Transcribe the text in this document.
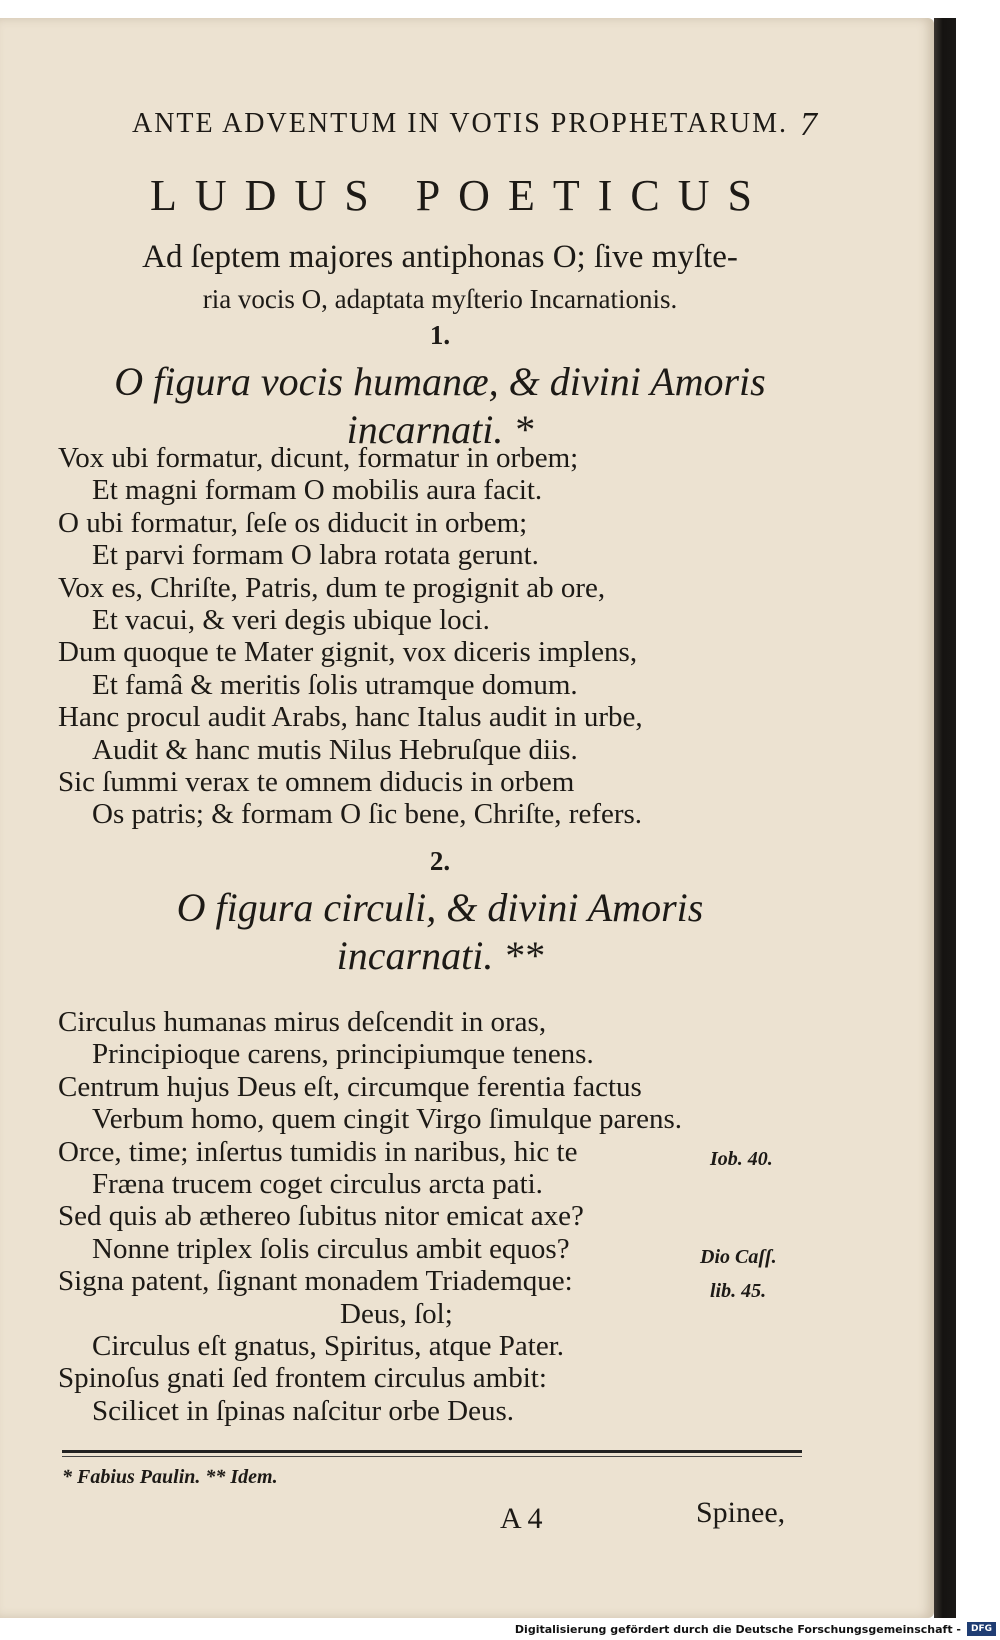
ANTE ADVENTUM IN VOTIS PROPHETARUM. 7

LUDUS POETICUS
Ad ſeptem majores antiphonas O; ſive myſte-
ria vocis O, adaptata myſterio Incarnationis.

1.

O figura vocis humanæ, & divini Amoris
incarnati. *
Vox ubi formatur, dicunt, formatur in orbem;
Et magni formam O mobilis aura facit.
O ubi formatur, ſeſe os diducit in orbem;
Et parvi formam O labra rotata gerunt.
Vox es, Chriſte, Patris, dum te progignit ab ore,
Et vacui, & veri degis ubique loci.
Dum quoque te Mater gignit, vox diceris implens,
Et famâ & meritis ſolis utramque domum.
Hanc procul audit Arabs, hanc Italus audit in urbe,
Audit & hanc mutis Nilus Hebruſque diis.
Sic ſummi verax te omnem diducis in orbem
Os patris; & formam O ſic bene, Chriſte, refers.

2.

O figura circuli, & divini Amoris
incarnati. **
Circulus humanas mirus deſcendit in oras,
Principioque carens, principiumque tenens.
Centrum hujus Deus eſt, circumque ferentia factus
Verbum homo, quem cingit Virgo ſimulque parens.
Orce, time; inſertus tumidis in naribus, hic te
Fræna trucem coget circulus arcta pati.
Sed quis ab æthereo ſubitus nitor emicat axe?
Nonne triplex ſolis circulus ambit equos?
Signa patent, ſignant monadem Triademque:
Deus, ſol;
Circulus eſt gnatus, Spiritus, atque Pater.
Spinoſus gnati ſed frontem circulus ambit:
Scilicet in ſpinas naſcitur orbe Deus.

Iob. 40.

Dio Caſſ.

lib. 45.

* Fabius Paulin. ** Idem.

A 4	Spinee,

Digitalisierung gefördert durch die Deutsche Forschungsgemeinschaft -	DFG
